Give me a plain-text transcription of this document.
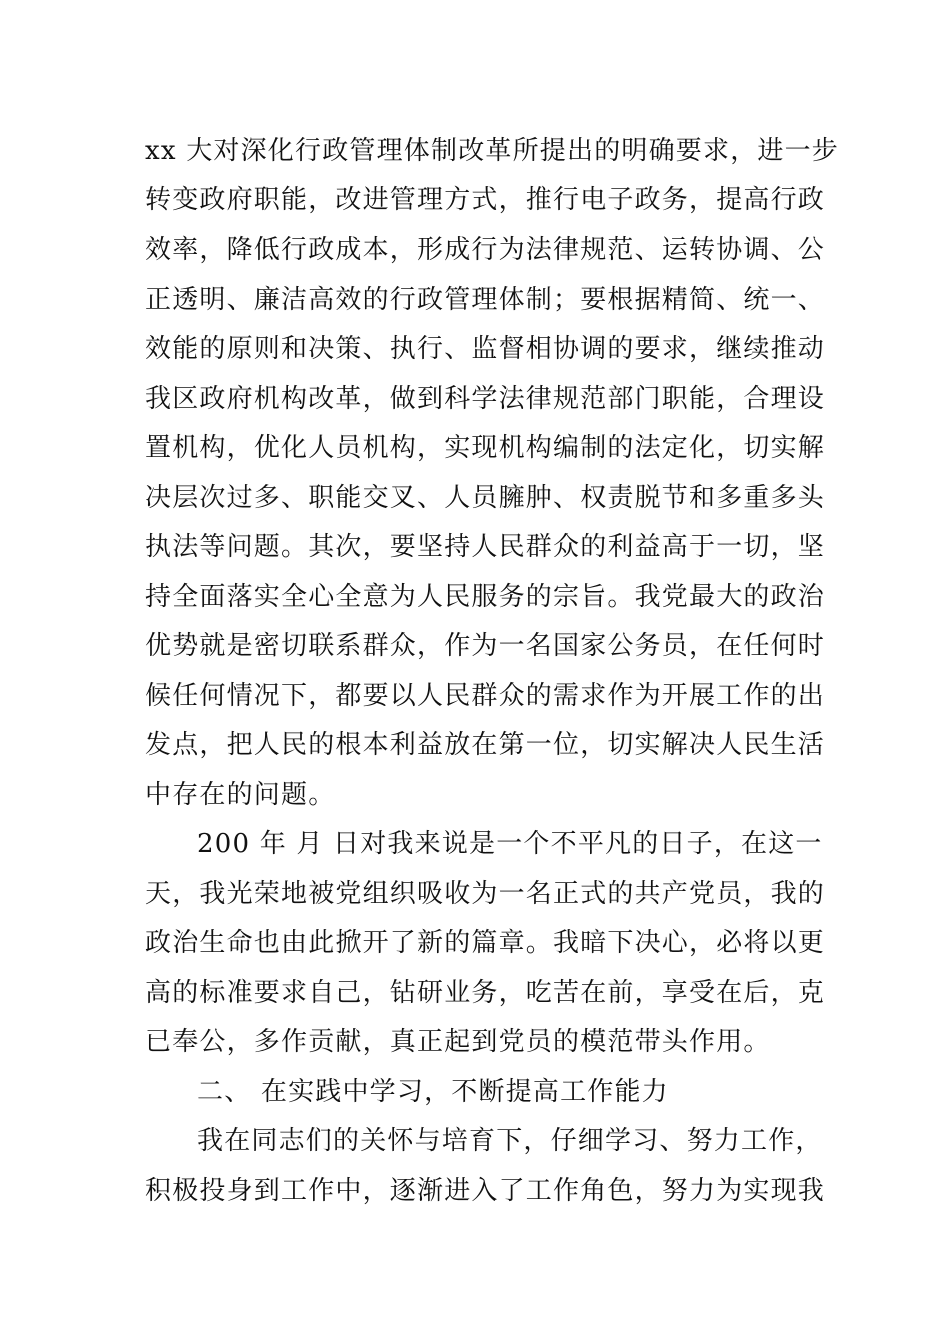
xx 大对深化行政管理体制改革所提出的明确要求，进一步
转变政府职能，改进管理方式，推行电子政务，提高行政
效率，降低行政成本，形成行为法律规范、运转协调、公
正透明、廉洁高效的行政管理体制；要根据精简、统一、
效能的原则和决策、执行、监督相协调的要求，继续推动
我区政府机构改革，做到科学法律规范部门职能，合理设
置机构，优化人员机构，实现机构编制的法定化，切实解
决层次过多、职能交叉、人员臃肿、权责脱节和多重多头
执法等问题。其次，要坚持人民群众的利益高于一切，坚
持全面落实全心全意为人民服务的宗旨。我党最大的政治
优势就是密切联系群众，作为一名国家公务员，在任何时
候任何情况下，都要以人民群众的需求作为开展工作的出
发点，把人民的根本利益放在第一位，切实解决人民生活
中存在的问题。
200 年 月 日对我来说是一个不平凡的日子，在这一
天，我光荣地被党组织吸收为一名正式的共产党员，我的
政治生命也由此掀开了新的篇章。我暗下决心，必将以更
高的标准要求自己，钻研业务，吃苦在前，享受在后，克
已奉公，多作贡献，真正起到党员的模范带头作用。
二、 在实践中学习，不断提高工作能力
我在同志们的关怀与培育下，仔细学习、努力工作，
积极投身到工作中，逐渐进入了工作角色，努力为实现我
